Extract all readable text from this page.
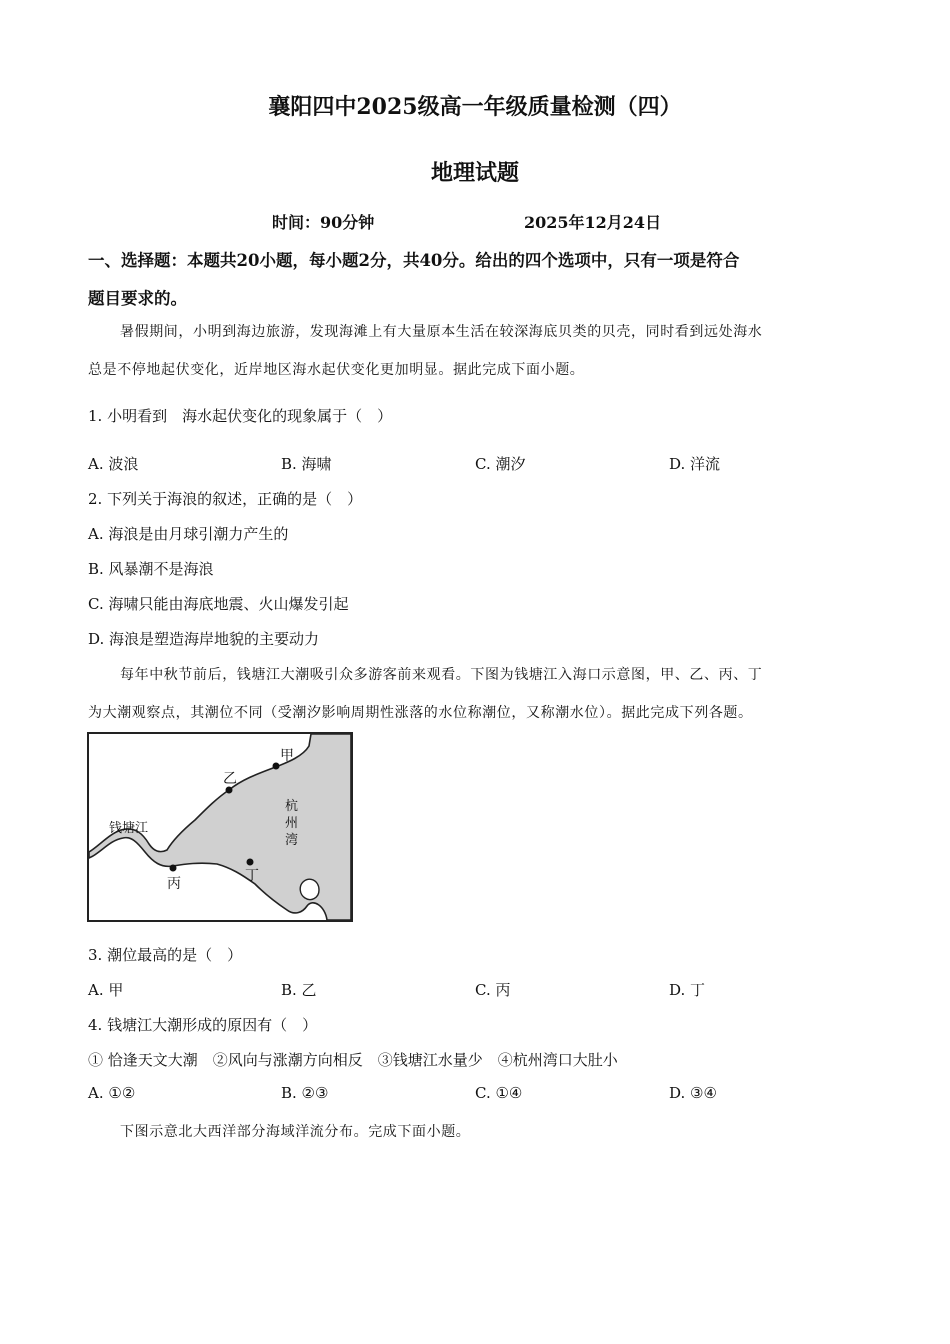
襄阳四中2025级高一年级质量检测（四）
地理试题
时间：90分钟	2025年12月24日
一、选择题：本题共20小题，每小题2分，共40分。给出的四个选项中，只有一项是符合
题目要求的。
暑假期间，小明到海边旅游，发现海滩上有大量原本生活在较深海底贝类的贝壳，同时看到远处海水
总是不停地起伏变化，近岸地区海水起伏变化更加明显。据此完成下面小题。
1. 小明看到　海水起伏变化的现象属于（　）
A. 波浪	B. 海啸	C. 潮汐	D. 洋流
2. 下列关于海浪的叙述，正确的是（　）
A. 海浪是由月球引潮力产生的
B. 风暴潮不是海浪
C. 海啸只能由海底地震、火山爆发引起
D. 海浪是塑造海岸地貌的主要动力
每年中秋节前后，钱塘江大潮吸引众多游客前来观看。下图为钱塘江入海口示意图，甲、乙、丙、丁
为大潮观察点，其潮位不同（受潮汐影响周期性涨落的水位称潮位，又称潮水位）。据此完成下列各题。
甲
乙
丙	丁
钱塘江
杭
州
湾
3. 潮位最高的是（　）
A. 甲	B. 乙	C. 丙	D. 丁
4. 钱塘江大潮形成的原因有（　）
① 恰逢天文大潮　②风向与涨潮方向相反　③钱塘江水量少　④杭州湾口大肚小
A. ①②	B. ②③	C. ①④	D. ③④
下图示意北大西洋部分海域洋流分布。完成下面小题。
